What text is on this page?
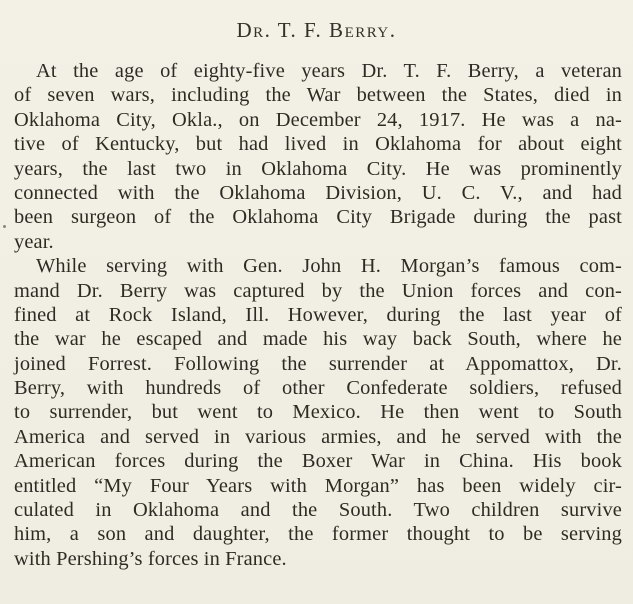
Dr. T. F. Berry.
At the age of eighty-five years Dr. T. F. Berry, a veteran
of seven wars, including the War between the States, died in
Oklahoma City, Okla., on December 24, 1917. He was a na-
tive of Kentucky, but had lived in Oklahoma for about eight
years, the last two in Oklahoma City. He was prominently
connected with the Oklahoma Division, U. C. V., and had
been surgeon of the Oklahoma City Brigade during the past
year.
While serving with Gen. John H. Morgan’s famous com-
mand Dr. Berry was captured by the Union forces and con-
fined at Rock Island, Ill. However, during the last year of
the war he escaped and made his way back South, where he
joined Forrest. Following the surrender at Appomattox, Dr.
Berry, with hundreds of other Confederate soldiers, refused
to surrender, but went to Mexico. He then went to South
America and served in various armies, and he served with the
American forces during the Boxer War in China. His book
entitled “My Four Years with Morgan” has been widely cir-
culated in Oklahoma and the South. Two children survive
him, a son and daughter, the former thought to be serving
with Pershing’s forces in France.
